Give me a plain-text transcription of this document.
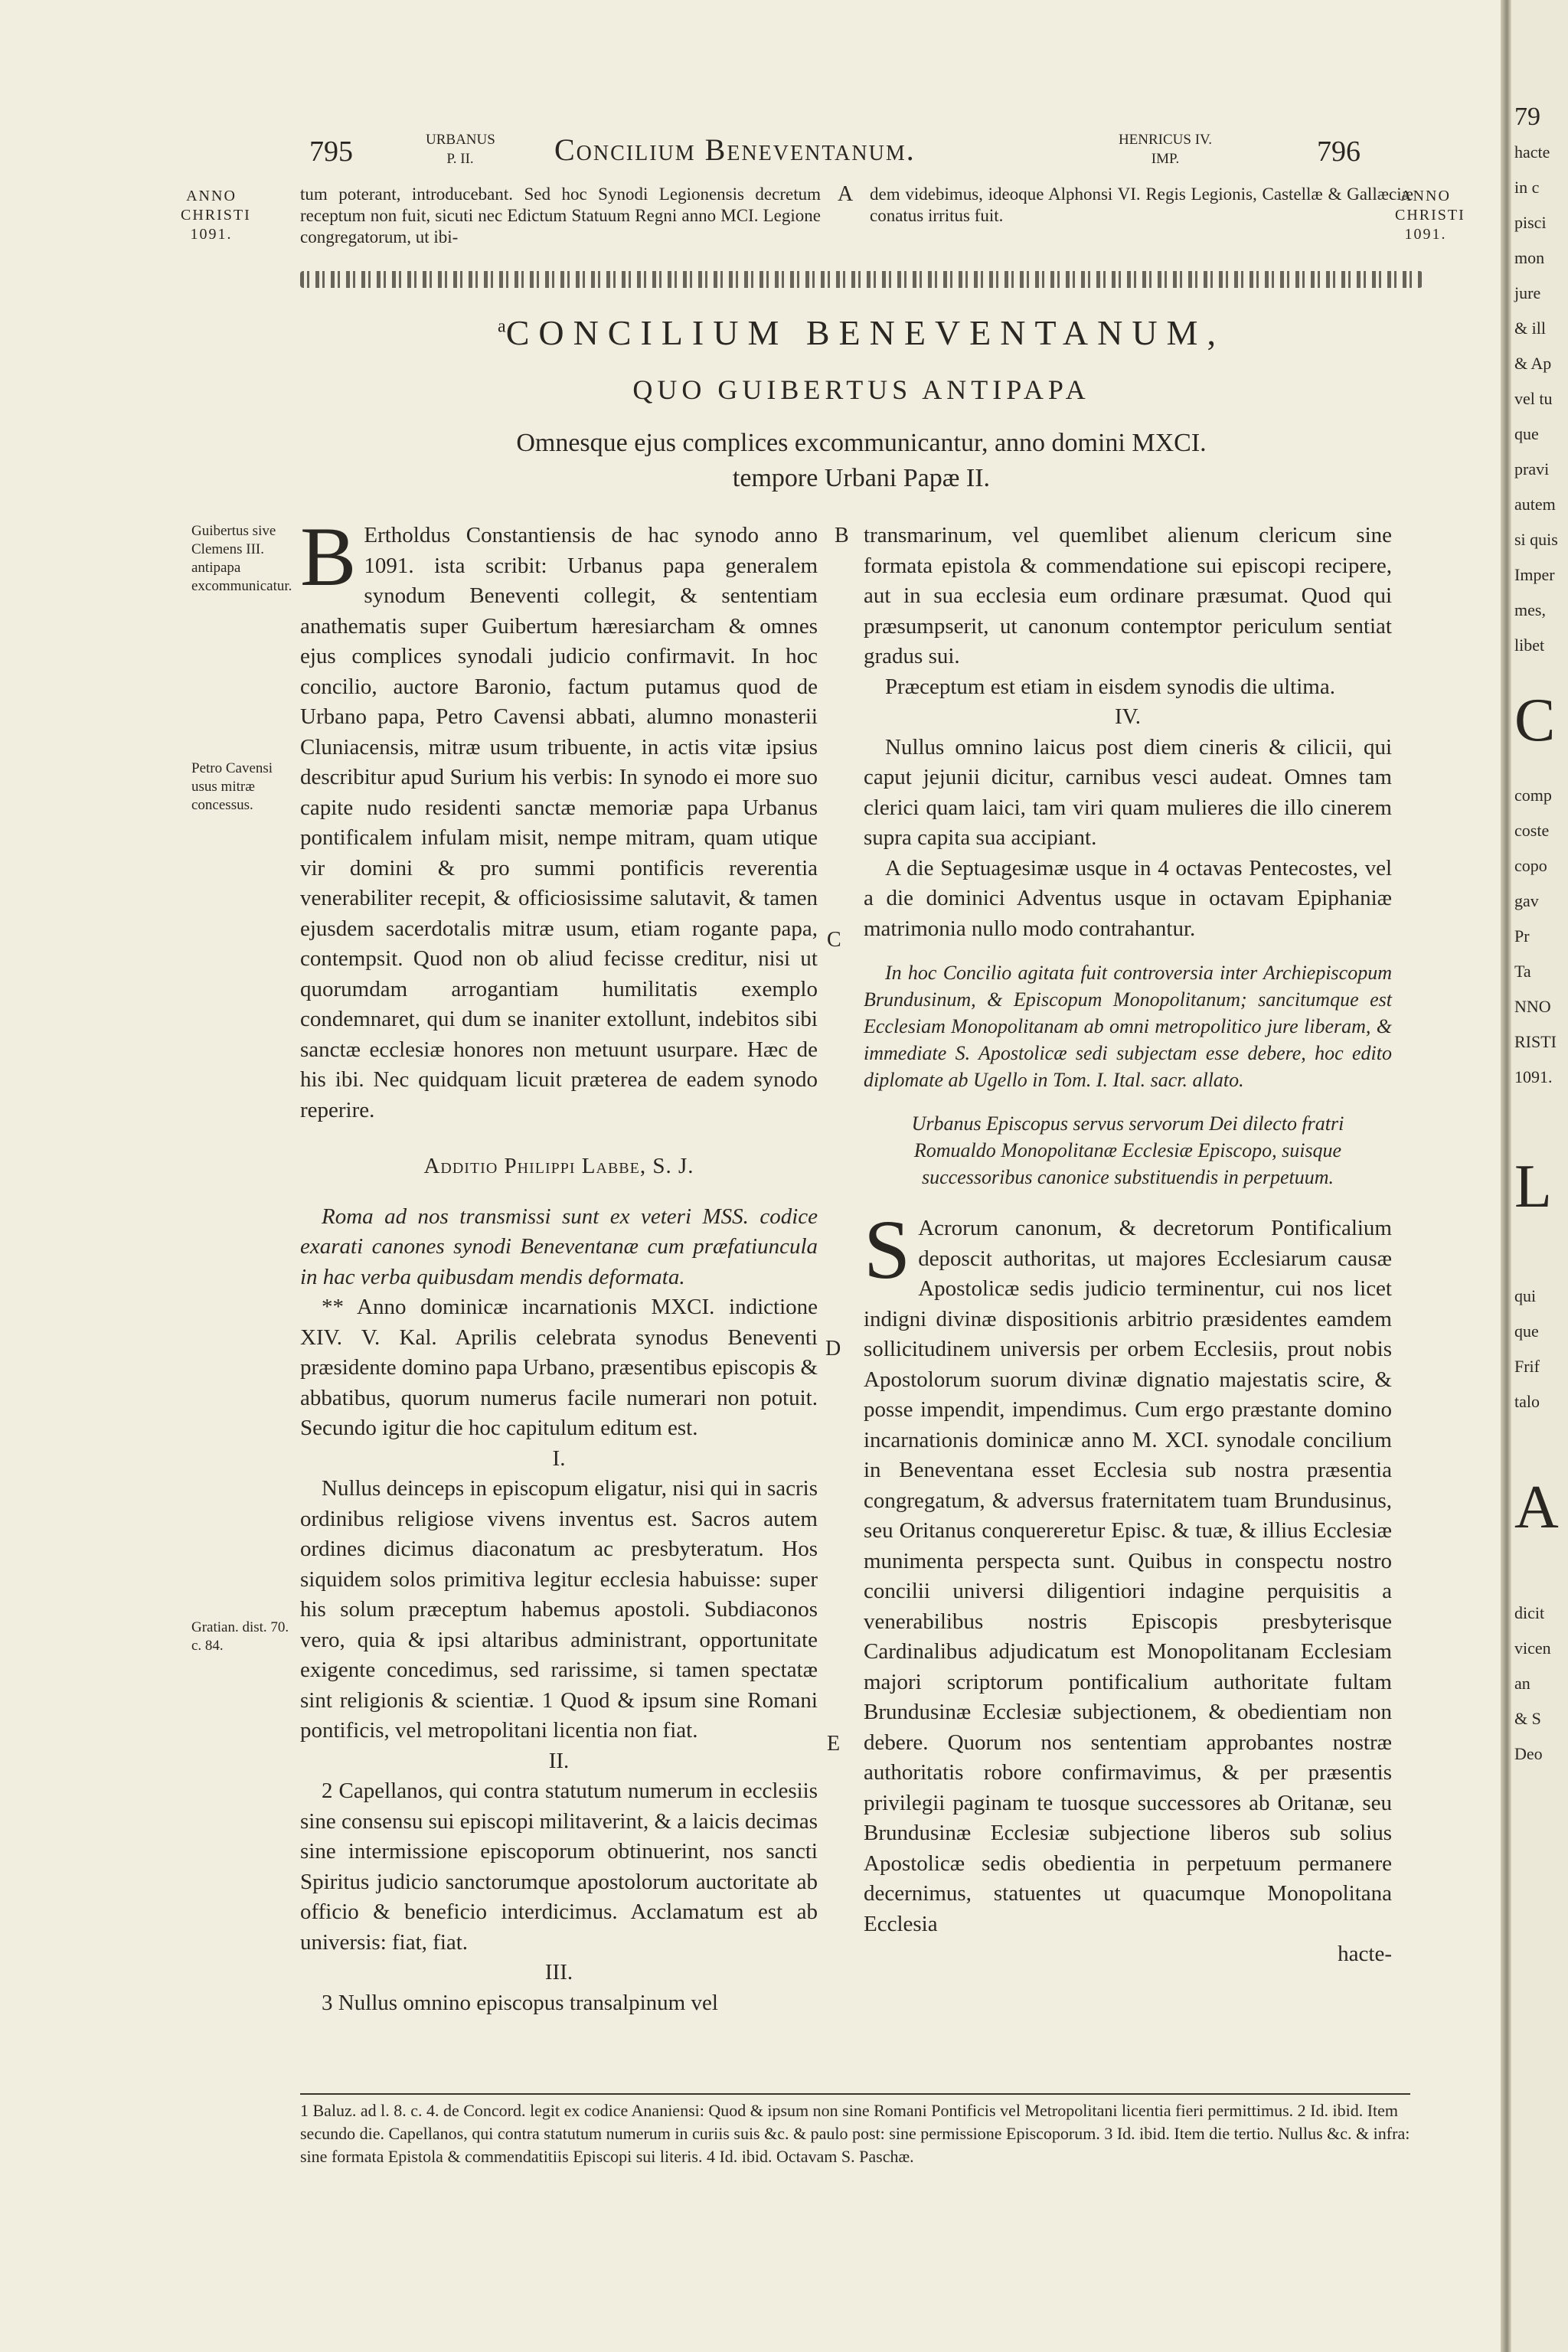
795	URBANUS
P. II.	Concilium Beneventanum.	HENRICUS IV.
IMP.	796
ANNO
CHRISTI
1091.
ANNO
CHRISTI
1091.
tum poterant, introducebant. Sed hoc Synodi Legionensis decretum receptum non fuit, sicuti nec Edictum Statuum Regni anno MCI. Legione congregatorum, ut ibi-
A dem videbimus, ideoque Alphonsi VI. Regis Legionis, Castellæ & Gallæciæ conatus irritus fuit.
$^a$CONCILIUM BENEVENTANUM,
QUO GUIBERTUS ANTIPAPA
Omnesque ejus complices excommunicantur, anno domini MXCI.
tempore Urbani Papæ II.
Guibertus sive Clemens III. antipapa excommunicatur.
Petro Cavensi usus mitræ concessus.
Gratian. dist. 70. c. 84.
B
C
D
E

B Ertholdus Constantiensis de hac synodo anno 1091. ista scribit: Urbanus papa generalem synodum Beneventi collegit, & sententiam anathematis super Guibertum hæresiarcham & omnes ejus complices synodali judicio confirmavit. In hoc concilio, auctore Baronio, factum putamus quod de Urbano papa, Petro Cavensi abbati, alumno monasterii Cluniacensis, mitræ usum tribuente, in actis vitæ ipsius describitur apud Surium his verbis: In synodo ei more suo capite nudo residenti sanctæ memoriæ papa Urbanus pontificalem infulam misit, nempe mitram, quam utique vir domini & pro summi pontificis reverentia venerabiliter recepit, & officiosissime salutavit, & tamen ejusdem sacerdotalis mitræ usum, etiam rogante papa, contempsit. Quod non ob aliud fecisse creditur, nisi ut quorumdam arrogantiam humilitatis exemplo condemnaret, qui dum se inaniter extollunt, indebitos sibi sanctæ ecclesiæ honores non metuunt usurpare. Hæc de his ibi. Nec quidquam licuit præterea de eadem synodo reperire.

Additio Philippi Labbe, S. J.

Roma ad nos transmissi sunt ex veteri MSS. codice exarati canones synodi Beneventanæ cum præfatiuncula in hac verba quibusdam mendis deformata.

** Anno dominicæ incarnationis MXCI. indictione XIV. V. Kal. Aprilis celebrata synodus Beneventi præsidente domino papa Urbano, præsentibus episcopis & abbatibus, quorum numerus facile numerari non potuit. Secundo igitur die hoc capitulum editum est.

I.

Nullus deinceps in episcopum eligatur, nisi qui in sacris ordinibus religiose vivens inventus est. Sacros autem ordines dicimus diaconatum ac presbyteratum. Hos siquidem solos primitiva legitur ecclesia habuisse: super his solum præceptum habemus apostoli. Subdiaconos vero, quia & ipsi altaribus administrant, opportunitate exigente concedimus, sed rarissime, si tamen spectatæ sint religionis & scientiæ. 1 Quod & ipsum sine Romani pontificis, vel metropolitani licentia non fiat.

II.

2 Capellanos, qui contra statutum numerum in ecclesiis sine consensu sui episcopi militaverint, & a laicis decimas sine intermissione episcoporum obtinuerint, nos sancti Spiritus judicio sanctorumque apostolorum auctoritate ab officio & beneficio interdicimus. Acclamatum est ab universis: fiat, fiat.

III.

3 Nullus omnino episcopus transalpinum vel

transmarinum, vel quemlibet alienum clericum sine formata epistola & commendatione sui episcopi recipere, aut in sua ecclesia eum ordinare præsumat. Quod qui præsumpserit, ut canonum contemptor periculum sentiat gradus sui.

Præceptum est etiam in eisdem synodis die ultima.

IV.

Nullus omnino laicus post diem cineris & cilicii, qui caput jejunii dicitur, carnibus vesci audeat. Omnes tam clerici quam laici, tam viri quam mulieres die illo cinerem supra capita sua accipiant.

A die Septuagesimæ usque in 4 octavas Pentecostes, vel a die dominici Adventus usque in octavam Epiphaniæ matrimonia nullo modo contrahantur.

In hoc Concilio agitata fuit controversia inter Archiepiscopum Brundusinum, & Episcopum Monopolitanum; sancitumque est Ecclesiam Monopolitanam ab omni metropolitico jure liberam, & immediate S. Apostolicæ sedi subjectam esse debere, hoc edito diplomate ab Ugello in Tom. I. Ital. sacr. allato.

Urbanus Episcopus servus servorum Dei dilecto fratri Romualdo Monopolitanæ Ecclesiæ Episcopo, suisque successoribus canonice substituendis in perpetuum.

S Acrorum canonum, & decretorum Pontificalium deposcit authoritas, ut majores Ecclesiarum causæ Apostolicæ sedis judicio terminentur, cui nos licet indigni divinæ dispositionis arbitrio præsidentes eamdem sollicitudinem universis per orbem Ecclesiis, prout nobis Apostolorum suorum divinæ dignatio majestatis scire, & posse impendit, impendimus. Cum ergo præstante domino incarnationis dominicæ anno M. XCI. synodale concilium in Beneventana esset Ecclesia sub nostra præsentia congregatum, & adversus fraternitatem tuam Brundusinus, seu Oritanus conquereretur Episc. & tuæ, & illius Ecclesiæ munimenta perspecta sunt. Quibus in conspectu nostro concilii universi diligentiori indagine perquisitis a venerabilibus nostris Episcopis presbyterisque Cardinalibus adjudicatum est Monopolitanam Ecclesiam majori scriptorum pontificalium authoritate fultam Brundusinæ Ecclesiæ subjectionem, & obedientiam non debere. Quorum nos sententiam approbantes nostræ authoritatis robore confirmavimus, & per præsentis privilegii paginam te tuosque successores ab Oritanæ, seu Brundusinæ Ecclesiæ subjectione liberos sub solius Apostolicæ sedis obedientia in perpetuum permanere decernimus, statuentes ut quacumque Monopolitana Ecclesia

hacte-

1 Baluz. ad l. 8. c. 4. de Concord. legit ex codice Ananiensi: Quod & ipsum non sine Romani Pontificis vel Metropolitani licentia fieri permittimus. 2 Id. ibid. Item secundo die. Capellanos, qui contra statutum numerum in curiis suis &c. & paulo post: sine permissione Episcoporum. 3 Id. ibid. Item die tertio. Nullus &c. & infra: sine formata Epistola & commendatitiis Episcopi sui literis. 4 Id. ibid. Octavam S. Paschæ.
79
hacte
in c
pisci
mon
jure
& ill
& Ap
vel tu
que
pravi
autem
si quis
Imper
mes,
libet
C
comp
coste
copo
gav
Pr
Ta
NNO
RISTI
1091.
L
qui
que
Frif
talo
A
dicit
vicen
an
& S
Deo
